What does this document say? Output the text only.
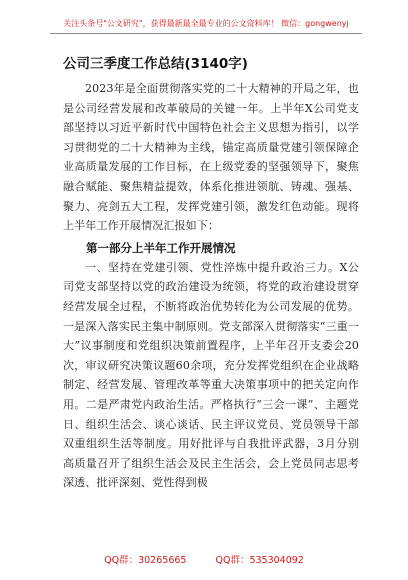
关注头条号"公文研究"，获得最新最全最专业的公文资料库！ 微信：gongwenyj
公司三季度工作总结(3140字)

2023年是全面贯彻落实党的二十大精神的开局之年，也是公司经营发展和改革破局的关键一年。上半年X公司党支部坚持以习近平新时代中国特色社会主义思想为指引，以学习贯彻党的二十大精神为主线，锚定高质量党建引领保障企业高质量发展的工作目标，在上级党委的坚强领导下，聚焦融合赋能、聚焦精益提效，体系化推进领航、铸魂、强基、聚力、亮剑五大工程，发挥党建引领，激发红色动能。现将上半年工作开展情况汇报如下：

第一部分上半年工作开展情况

一、坚持在党建引领、党性淬炼中提升政治三力。X公司党支部坚持以党的政治建设为统领，将党的政治建设贯穿经营发展全过程，不断将政治优势转化为公司发展的优势。一是深入落实民主集中制原则。党支部深入贯彻落实“三重一大”议事制度和党组织决策前置程序，上半年召开支委会20次，审议研究决策议题60余项，充分发挥党组织在企业战略制定、经营发展、管理改革等重大决策事项中的把关定向作用。二是严肃党内政治生活。严格执行“三会一课”、主题党日、组织生活会、谈心谈话、民主评议党员、党员领导干部双重组织生活等制度。用好批评与自我批评武器，3月分别高质量召开了组织生活会及民主生活会，会上党员同志思考深透、批评深刻、党性得到极

QQ群：30265665	QQ群：535304092
